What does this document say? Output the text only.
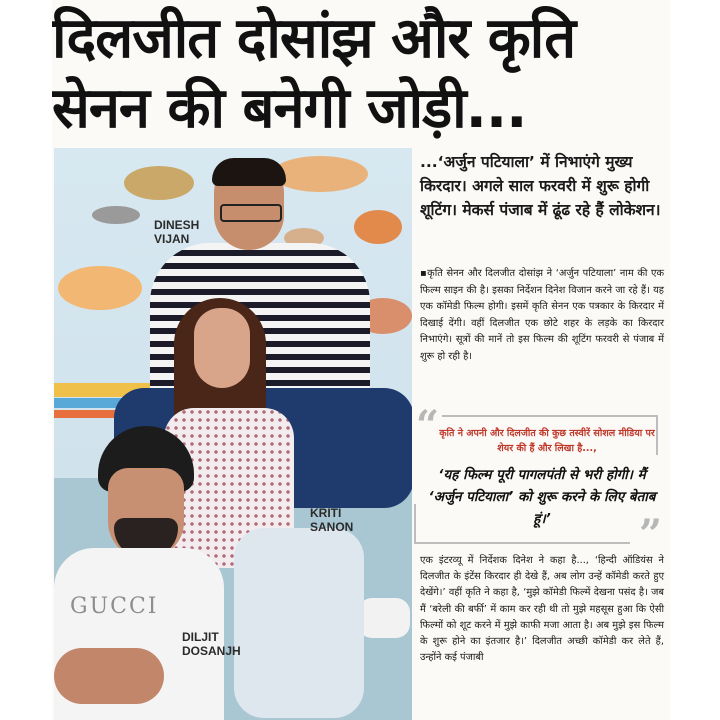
दिलजीत दोसांझ और कृति
सेनन की बनेगी जोड़ी...
GUCCI
DINESH
VIJAN
KRITI
SANON
DILJIT
DOSANJH
...‘अर्जुन पटियाला’ में निभाएंगे मुख्य किरदार। अगले साल फरवरी में शुरू होगी शूटिंग। मेकर्स पंजाब में ढूंढ रहे हैं लोकेशन।
▪कृति सेनन और दिलजीत दोसांझ ने ‘अर्जुन पटियाला’ नाम की एक फिल्म साइन की है। इसका निर्देशन दिनेश विजान करने जा रहे हैं। यह एक कॉमेडी फिल्म होगी। इसमें कृति सेनन एक पत्रकार के किरदार में दिखाई देंगी। वहीं दिलजीत एक छोटे शहर के लड़के का किरदार निभाएंगे। सूत्रों की मानें तो इस फिल्म की शूटिंग फरवरी से पंजाब में शुरू हो रही है।
“ कृति ने अपनी और दिलजीत की कुछ तस्वीरें सोशल मीडिया पर शेयर की हैं और लिखा है...,
‘यह फिल्म पूरी पागलपंती से भरी होगी। मैं ‘अर्जुन पटियाला’ को शुरू करने के लिए बेताब हूं।’	”
एक इंटरव्यू में निर्देशक दिनेश ने कहा है..., ‘हिन्दी ऑडियंस ने दिलजीत के इंटेंस किरदार ही देखे हैं, अब लोग उन्हें कॉमेडी करते हुए देखेंगे।’ वहीं कृति ने कहा है, ‘मुझे कॉमेडी फिल्में देखना पसंद है। जब मैं ‘बरेली की बर्फी’ में काम कर रही थी तो मुझे महसूस हुआ कि ऐसी फिल्मों को शूट करने में मुझे काफी मजा आता है। अब मुझे इस फिल्म के शुरू होने का इंतजार है।’ दिलजीत अच्छी कॉमेडी कर लेते हैं, उन्होंने कई पंजाबी
